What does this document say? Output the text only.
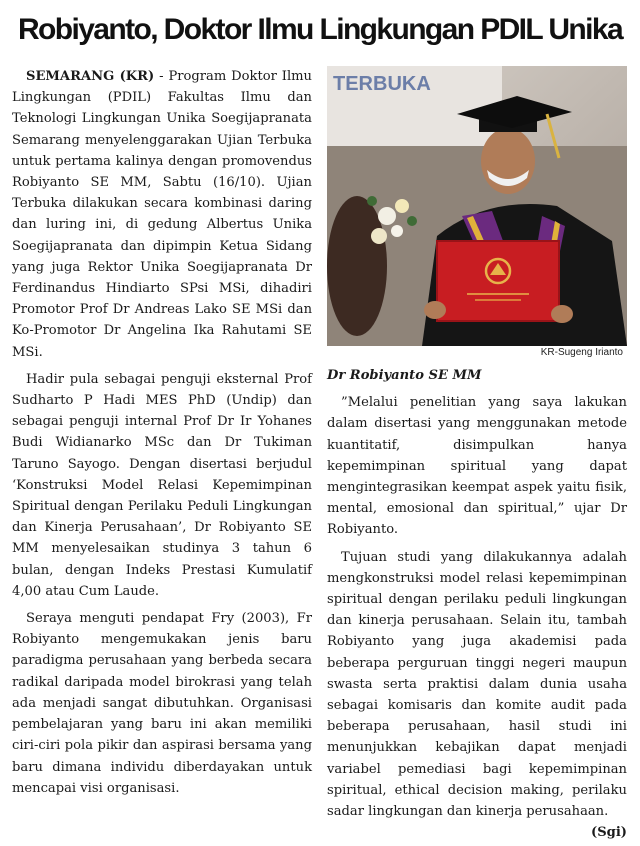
Robiyanto, Doktor Ilmu Lingkungan PDIL Unika

SEMARANG (KR) - Program Doktor Ilmu Lingkungan (PDIL) Fakultas Ilmu dan Teknologi Lingkungan Unika Soegijapranata Semarang menyelenggarakan Ujian Terbuka untuk pertama kalinya dengan promovendus Robiyanto SE MM, Sabtu (16/10). Ujian Terbuka dilakukan secara kombinasi daring dan luring ini, di gedung Albertus Unika Soegijapranata dan dipimpin Ketua Sidang yang juga Rektor Unika Soegijapranata Dr Ferdinandus Hindiarto SPsi MSi, dihadiri Promotor Prof Dr Andreas Lako SE MSi dan Ko-Promotor Dr Angelina Ika Rahutami SE MSi.

Hadir pula sebagai penguji eksternal Prof Sudharto P Hadi MES PhD (Undip) dan sebagai penguji internal Prof Dr Ir Yohanes Budi Widianarko MSc dan Dr Tukiman Taruno Sayogo. Dengan disertasi berjudul ‘Konstruksi Model Relasi Kepemimpinan Spiritual dengan Perilaku Peduli Lingkungan dan Kinerja Perusahaan’, Dr Robiyanto SE MM menyelesaikan studinya 3 tahun 6 bulan, dengan Indeks Prestasi Kumulatif 4,00 atau Cum Laude.

Seraya menguti pendapat Fry (2003), Fr Robiyanto mengemukakan jenis baru paradigma perusahaan yang berbeda secara radikal daripada model birokrasi yang telah ada menjadi sangat dibutuhkan. Organisasi pembelajaran yang baru ini akan memiliki ciri-ciri pola pikir dan aspirasi bersama yang baru dimana individu diberdayakan untuk mencapai visi organisasi.

TERBUKA
KR-Sugeng Irianto

Dr Robiyanto SE MM

”Melalui penelitian yang saya lakukan dalam disertasi yang menggunakan metode kuantitatif, disimpulkan hanya kepemimpinan spiritual yang dapat mengintegrasikan keempat aspek yaitu fisik, mental, emosional dan spiritual,” ujar Dr Robiyanto.

Tujuan studi yang dilakukannya adalah mengkonstruksi model relasi kepemimpinan spiritual dengan perilaku peduli lingkungan dan kinerja perusahaan. Selain itu, tambah Robiyanto yang juga akademisi pada beberapa perguruan tinggi negeri maupun swasta serta praktisi dalam dunia usaha sebagai komisaris dan komite audit pada beberapa perusahaan, hasil studi ini menunjukkan kebajikan dapat menjadi variabel pemediasi bagi kepemimpinan spiritual, ethical decision making, perilaku sadar lingkungan dan kinerja perusahaan.
(Sgi)
